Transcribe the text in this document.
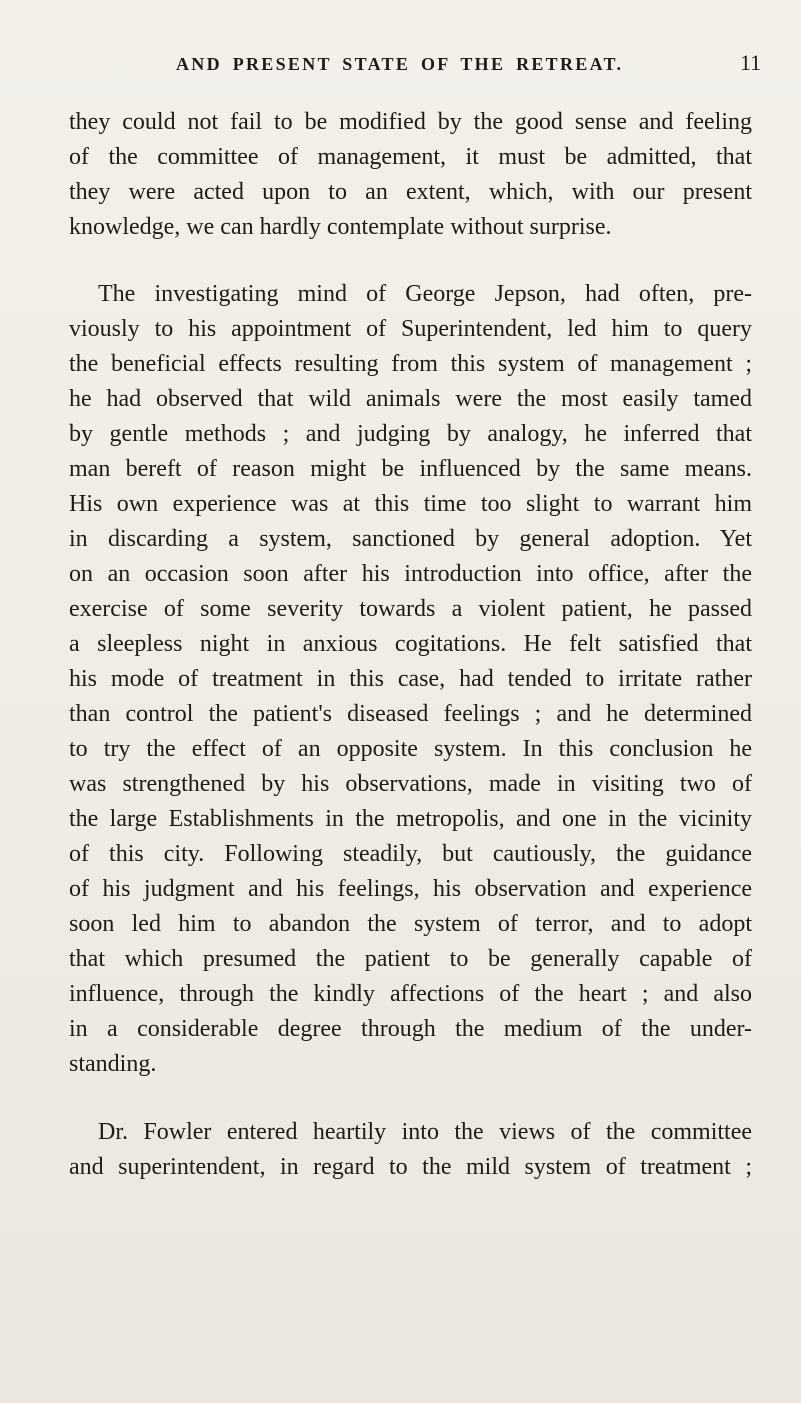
AND PRESENT STATE OF THE RETREAT.	11
they could not fail to be modified by the good sense and feeling
of the committee of management, it must be admitted, that
they were acted upon to an extent, which, with our present
knowledge, we can hardly contemplate without surprise.
The investigating mind of George Jepson, had often, pre-
viously to his appointment of Superintendent, led him to query
the beneficial effects resulting from this system of management ;
he had observed that wild animals were the most easily tamed
by gentle methods ; and judging by analogy, he inferred that
man bereft of reason might be influenced by the same means.
His own experience was at this time too slight to warrant him
in discarding a system, sanctioned by general adoption. Yet
on an occasion soon after his introduction into office, after the
exercise of some severity towards a violent patient, he passed
a sleepless night in anxious cogitations. He felt satisfied that
his mode of treatment in this case, had tended to irritate rather
than control the patient's diseased feelings ; and he determined
to try the effect of an opposite system. In this conclusion he
was strengthened by his observations, made in visiting two of
the large Establishments in the metropolis, and one in the vicinity
of this city. Following steadily, but cautiously, the guidance
of his judgment and his feelings, his observation and experience
soon led him to abandon the system of terror, and to adopt
that which presumed the patient to be generally capable of
influence, through the kindly affections of the heart ; and also
in a considerable degree through the medium of the under-
standing.
Dr. Fowler entered heartily into the views of the committee
and superintendent, in regard to the mild system of treatment ;
